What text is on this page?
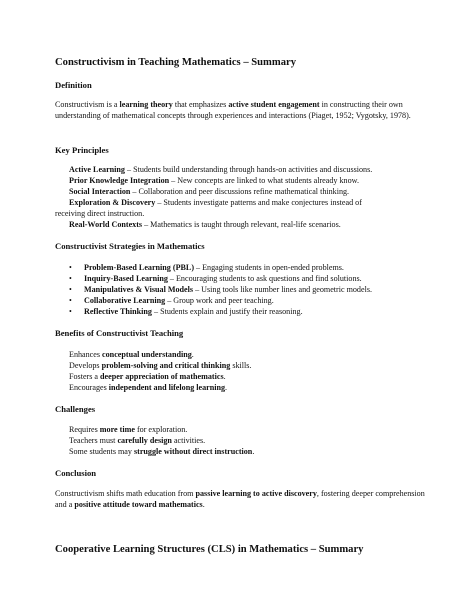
Constructivism in Teaching Mathematics – Summary
Definition
Constructivism is a learning theory that emphasizes active student engagement in constructing their own understanding of mathematical concepts through experiences and interactions (Piaget, 1952; Vygotsky, 1978).
Key Principles
Active Learning – Students build understanding through hands-on activities and discussions.
Prior Knowledge Integration – New concepts are linked to what students already know.
Social Interaction – Collaboration and peer discussions refine mathematical thinking.
Exploration & Discovery – Students investigate patterns and make conjectures instead of
receiving direct instruction.
Real-World Contexts – Mathematics is taught through relevant, real-life scenarios.
Constructivist Strategies in Mathematics
• Problem-Based Learning (PBL) – Engaging students in open-ended problems.
• Inquiry-Based Learning – Encouraging students to ask questions and find solutions.
• Manipulatives & Visual Models – Using tools like number lines and geometric models.
• Collaborative Learning – Group work and peer teaching.
• Reflective Thinking – Students explain and justify their reasoning.
Benefits of Constructivist Teaching
Enhances conceptual understanding.
Develops problem-solving and critical thinking skills.
Fosters a deeper appreciation of mathematics.
Encourages independent and lifelong learning.
Challenges
Requires more time for exploration.
Teachers must carefully design activities.
Some students may struggle without direct instruction.
Conclusion
Constructivism shifts math education from passive learning to active discovery, fostering deeper comprehension and a positive attitude toward mathematics.
Cooperative Learning Structures (CLS) in Mathematics – Summary
